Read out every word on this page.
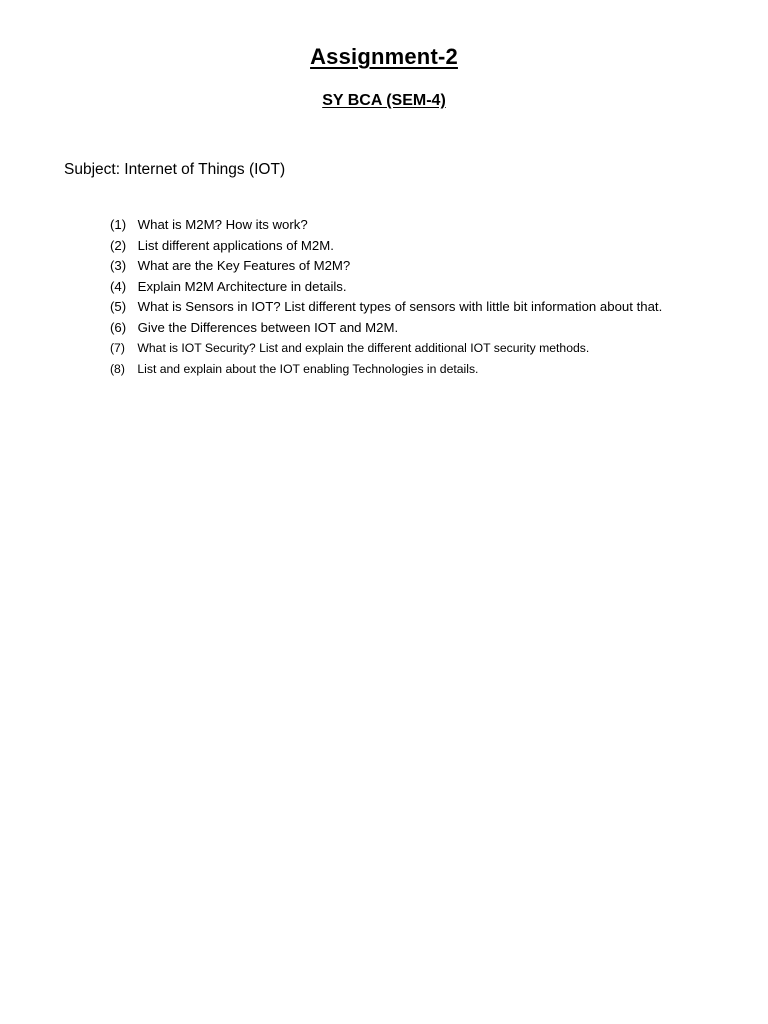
Assignment-2
SY BCA (SEM-4)
Subject: Internet of Things (IOT)
(1) What is M2M? How its work?
(2) List different applications of M2M.
(3) What are the Key Features of M2M?
(4) Explain M2M Architecture in details.
(5) What is Sensors in IOT? List different types of sensors with little bit information about that.
(6) Give the Differences between IOT and M2M.
(7) What is IOT Security? List and explain the different additional IOT security methods.
(8) List and explain about the IOT enabling Technologies in details.
